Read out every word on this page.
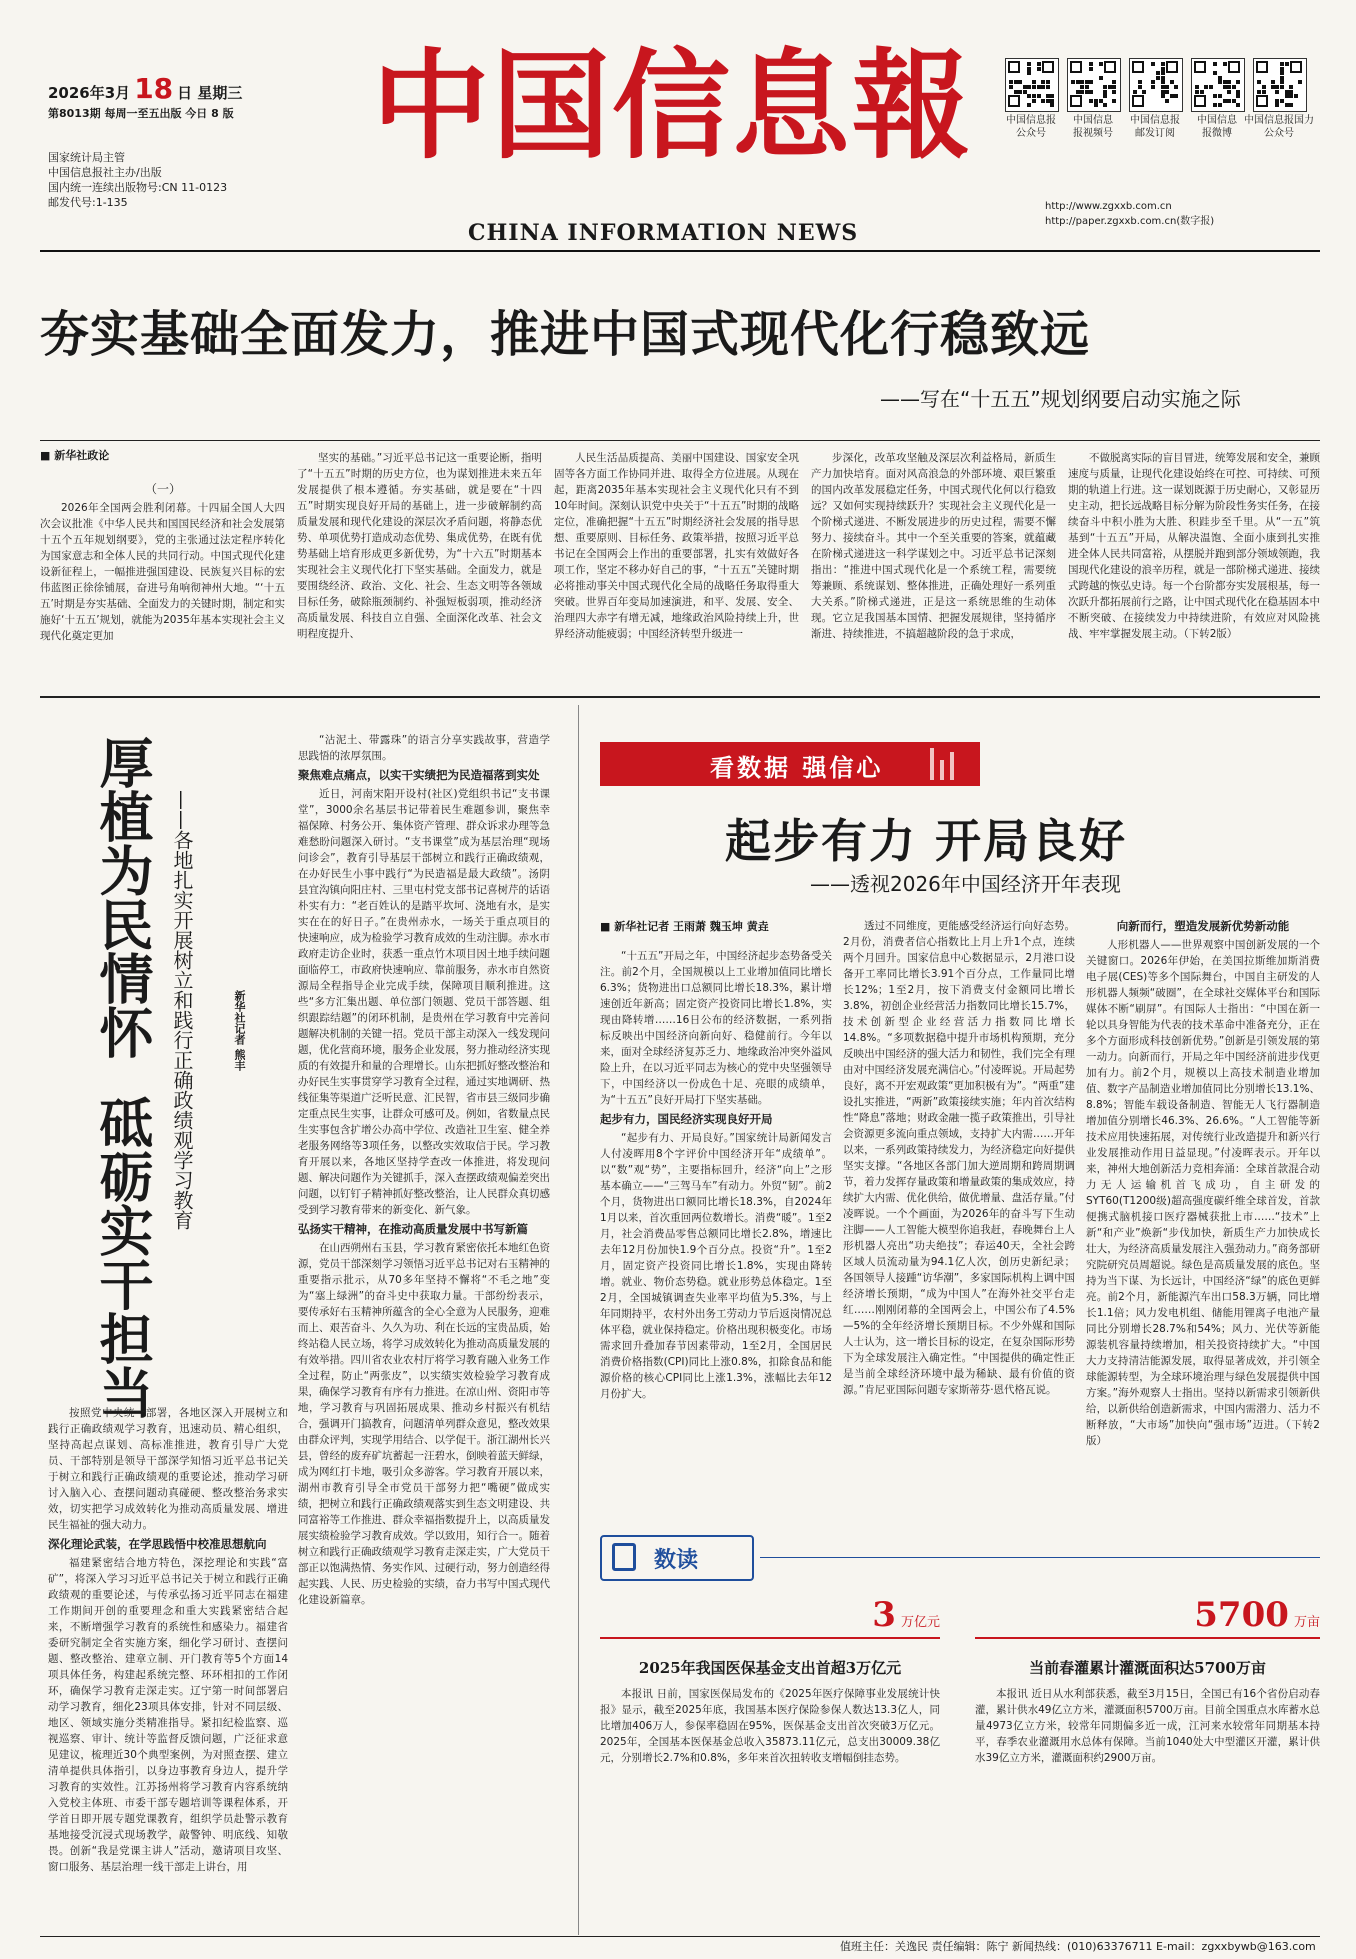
2026年3月 18 日 星期三
第8013期 每周一至五出版 今日 8 版
国家统计局主管
中国信息报社主办/出版
国内统一连续出版物号:CN 11-0123
邮发代号:1-135
中国信息報
CHINA INFORMATION NEWS
中国信息报
公众号
中国信息
报视频号
中国信息报
邮发订阅
中国信息
报微博
中国信息报国力
公众号
http://www.zgxxb.com.cn
http://paper.zgxxb.com.cn(数字报)
夯实基础全面发力，推进中国式现代化行稳致远
——写在“十五五”规划纲要启动实施之际
■ 新华社政论
（一）

2026年全国两会胜利闭幕。十四届全国人大四次会议批准《中华人民共和国国民经济和社会发展第十五个五年规划纲要》，党的主张通过法定程序转化为国家意志和全体人民的共同行动。中国式现代化建设新征程上，一幅推进强国建设、民族复兴目标的宏伟蓝图正徐徐铺展，奋进号角响彻神州大地。“‘十五五’时期是夯实基础、全面发力的关键时期，制定和实施好‘十五五’规划，就能为2035年基本实现社会主义现代化奠定更加

坚实的基础。”习近平总书记这一重要论断，指明了“十五五”时期的历史方位，也为谋划推进未来五年发展提供了根本遵循。夯实基础，就是要在“十四五”时期实现良好开局的基础上，进一步破解制约高质量发展和现代化建设的深层次矛盾问题，将静态优势、单项优势打造成动态优势、集成优势，在既有优势基础上培育形成更多新优势，为“十六五”时期基本实现社会主义现代化打下坚实基础。全面发力，就是要围绕经济、政治、文化、社会、生态文明等各领域目标任务，破除瓶颈制约、补强短板弱项，推动经济高质量发展、科技自立自强、全面深化改革、社会文明程度提升、

人民生活品质提高、美丽中国建设、国家安全巩固等各方面工作协同并进、取得全方位进展。从现在起，距离2035年基本实现社会主义现代化只有不到10年时间。深刻认识党中央关于“十五五”时期的战略定位，准确把握“十五五”时期经济社会发展的指导思想、重要原则、目标任务、政策举措，按照习近平总书记在全国两会上作出的重要部署，扎实有效做好各项工作，坚定不移办好自己的事，“十五五”关键时期必将推动事关中国式现代化全局的战略任务取得重大突破。世界百年变局加速演进，和平、发展、安全、治理四大赤字有增无减，地缘政治风险持续上升，世界经济动能疲弱；中国经济转型升级进一

步深化，改革攻坚触及深层次利益格局，新质生产力加快培育。面对风高浪急的外部环境、艰巨繁重的国内改革发展稳定任务，中国式现代化何以行稳致远？又如何实现持续跃升？实现社会主义现代化是一个阶梯式递进、不断发展进步的历史过程，需要不懈努力、接续奋斗。其中一个至关重要的答案，就蕴藏在阶梯式递进这一科学谋划之中。习近平总书记深刻指出：“推进中国式现代化是一个系统工程，需要统筹兼顾、系统谋划、整体推进，正确处理好一系列重大关系。”阶梯式递进，正是这一系统思维的生动体现。它立足我国基本国情、把握发展规律，坚持循序渐进、持续推进，不搞超越阶段的急于求成，

不做脱离实际的盲目冒进，统筹发展和安全，兼顾速度与质量，让现代化建设始终在可控、可持续、可预期的轨道上行进。这一谋划既源于历史耐心，又彰显历史主动，把长远战略目标分解为阶段性务实任务，在接续奋斗中积小胜为大胜、积跬步至千里。从“一五”筑基到“十五五”开局，从解决温饱、全面小康到扎实推进全体人民共同富裕，从摆脱并跑到部分领域领跑，我国现代化建设的浪辛历程，就是一部阶梯式递进、接续式跨越的恢弘史诗。每一个台阶都夯实发展根基，每一次跃升都拓展前行之路，让中国式现代化在稳基固本中不断突破、在接续发力中持续进阶，有效应对风险挑战、牢牢掌握发展主动。（下转2版）

厚植为民情怀
砥砺实干担当
——各地扎实开展树立和践行正确政绩观学习教育	新华社记者 熊丰

按照党中央统一部署，各地区深入开展树立和践行正确政绩观学习教育，迅速动员、精心组织，坚持高起点谋划、高标准推进，教育引导广大党员、干部特别是领导干部深学知悟习近平总书记关于树立和践行正确政绩观的重要论述，推动学习研讨入脑入心、查摆问题动真碰硬、整改整治务求实效，切实把学习成效转化为推动高质量发展、增进民生福祉的强大动力。

深化理论武装，在学思践悟中校准思想航向

福建紧密结合地方特色，深挖理论和实践“富矿”，将深入学习习近平总书记关于树立和践行正确政绩观的重要论述，与传承弘扬习近平同志在福建工作期间开创的重要理念和重大实践紧密结合起来，不断增强学习教育的系统性和感染力。福建省委研究制定全省实施方案，细化学习研讨、查摆问题、整改整治、建章立制、开门教育等5个方面14项具体任务，构建起系统完整、环环相扣的工作闭环，确保学习教育走深走实。辽宁第一时间部署启动学习教育，细化23项具体安排，针对不同层级、地区、领域实施分类精准指导。紧扣纪检监察、巡视巡察、审计、统计等监督反馈问题，广泛征求意见建议，梳理近30个典型案例，为对照查摆、建立清单提供具体指引，以身边事教育身边人，提升学习教育的实效性。江苏扬州将学习教育内容系统纳入党校主体班、市委干部专题培训等课程体系，开学首日即开展专题党课教育，组织学员赴警示教育基地接受沉浸式现场教学，敲警钟、明底线、知敬畏。创新“我是党课主讲人”活动，邀请项目攻坚、窗口服务、基层治理一线干部走上讲台，用

“沾泥土、带露珠”的语言分享实践故事，营造学思践悟的浓厚氛围。

聚焦难点痛点，以实干实绩把为民造福落到实处

近日，河南宋阳开设村(社区)党组织书记“支书课堂”，3000余名基层书记带着民生难题参训，聚焦幸福保障、村务公开、集体资产管理、群众诉求办理等急难愁盼问题深入研讨。“支书课堂”成为基层治理“现场问诊会”，教育引导基层干部树立和践行正确政绩观，在办好民生小事中践行“为民造福是最大政绩”。汤阴县宜沟镇向阳庄村、三里屯村党支部书记喜树芹的话语朴实有力：“老百姓认的是踏平坎坷、浇地有水，是实实在在的好日子。”在贵州赤水，一场关于重点项目的快速响应，成为检验学习教育成效的生动注脚。赤水市政府走访企业时，获悉一重点竹木项目因土地手续问题面临停工，市政府快速响应、靠前服务，赤水市自然资源局全程指导企业完成手续，保障项目顺利推进。这些“多方汇集出题、单位部门领题、党员干部答题、组织跟踪结题”的闭环机制，是贵州在学习教育中完善问题解决机制的关键一招。党员干部主动深入一线发现问题，优化营商环境，服务企业发展，努力推动经济实现质的有效提升和量的合理增长。山东把抓好整改整治和办好民生实事贯穿学习教育全过程，通过实地调研、热线征集等渠道广泛听民意、汇民智，省市县三级同步确定重点民生实事，让群众可感可及。例如，省数量点民生实事包含扩增公办高中学位、改造社卫生室、健全养老服务网络等3项任务，以整改实效取信于民。学习教育开展以来，各地区坚持学查改一体推进，将发现问题、解决问题作为关键抓手，深入查摆政绩观偏差突出问题，以钉钉子精神抓好整改整治，让人民群众真切感受到学习教育带来的新变化、新气象。

弘扬实干精神，在推动高质量发展中书写新篇

在山西朔州右玉县，学习教育紧密依托本地红色资源，党员干部深刻学习领悟习近平总书记对右玉精神的重要指示批示，从70多年坚持不懈将“不毛之地”变为“塞上绿洲”的奋斗史中获取力量。干部纷纷表示，要传承好右玉精神所蕴含的全心全意为人民服务，迎难而上、艰苦奋斗、久久为功、利在长远的宝贵品质，始终站稳人民立场，将学习成效转化为推动高质量发展的有效举措。四川省农业农村厅将学习教育融入业务工作全过程，防止“两张皮”，以实绩实效检验学习教育成果，确保学习教育有序有力推进。在凉山州、资阳市等地，学习教育与巩固拓展成果、推动乡村振兴有机结合，强调开门搞教育，问题清单列群众意见，整改效果由群众评判，实现学用结合、以学促干。浙江湖州长兴县，曾经的废弃矿坑蓄起一汪碧水，倒映着蓝天鲜绿，成为网红打卡地，吸引众多游客。学习教育开展以来，湖州市教育引导全市党员干部努力把“嘴硬”做成实绩，把树立和践行正确政绩观落实到生态文明建设、共同富裕等工作推进、群众幸福指数提升上，以高质量发展实绩检验学习教育成效。学以致用，知行合一。随着树立和践行正确政绩观学习教育走深走实，广大党员干部正以饱满热情、务实作风、过硬行动，努力创造经得起实践、人民、历史检验的实绩，奋力书写中国式现代化建设新篇章。

看数据 强信心
起步有力 开局良好
——透视2026年中国经济开年表现
■ 新华社记者 王雨萧 魏玉坤 黄垚

“十五五”开局之年，中国经济起步态势备受关注。前2个月，全国规模以上工业增加值同比增长6.3%；货物进出口总额同比增长18.3%，累计增速创近年新高；固定资产投资同比增长1.8%，实现由降转增……16日公布的经济数据，一系列指标反映出中国经济向新向好、稳健前行。今年以来，面对全球经济复苏乏力、地缘政治冲突外溢风险上升，在以习近平同志为核心的党中央坚强领导下，中国经济以一份成色十足、亮眼的成绩单，为“十五五”良好开局打下坚实基础。

起步有力，国民经济实现良好开局

“起步有力、开局良好。”国家统计局新闻发言人付凌晖用8个字评价中国经济开年“成绩单”。以“数”观“势”，主要指标回升，经济“向上”之形基本确立——“三驾马车”有动力。外贸“韧”。前2个月，货物进出口额同比增长18.3%，自2024年1月以来，首次重回两位数增长。消费“暖”。1至2月，社会消费品零售总额同比增长2.8%，增速比去年12月份加快1.9个百分点。投资“升”。1至2月，固定资产投资同比增长1.8%，实现由降转增。就业、物价态势稳。就业形势总体稳定。1至2月，全国城镇调查失业率平均值为5.3%，与上年同期持平，农村外出务工劳动力节后返岗情况总体平稳，就业保持稳定。价格出现积极变化。市场需求回升叠加春节因素带动，1至2月，全国居民消费价格指数(CPI)同比上涨0.8%，扣除食品和能源价格的核心CPI同比上涨1.3%，涨幅比去年12月份扩大。

透过不同维度，更能感受经济运行向好态势。2月份，消费者信心指数比上月上升1个点，连续两个月回升。国家信息中心数据显示，2月港口设备开工率同比增长3.91个百分点，工作量同比增长12%；1至2月，按下消费支付金额同比增长3.8%，初创企业经营活力指数同比增长15.7%，技术创新型企业经营活力指数同比增长14.8%。“多项数据稳中提升市场机构预期，充分反映出中国经济的强大活力和韧性，我们完全有理由对中国经济发展充满信心。”付凌晖说。开局起势良好，离不开宏观政策“更加积极有为”。“两重”建设扎实推进，“两新”政策接续实施；年内首次结构性“降息”落地；财政金融一揽子政策推出，引导社会资源更多流向重点领域，支持扩大内需……开年以来，一系列政策持续发力，为经济稳定向好提供坚实支撑。“各地区各部门加大逆周期和跨周期调节，着力发挥存量政策和增量政策的集成效应，持续扩大内需、优化供给，做优增量、盘活存量。”付凌晖说。一个个画面，为2026年的奋斗写下生动注脚——人工智能大模型你追我赶，春晚舞台上人形机器人亮出“功夫绝技”；春运40天，全社会跨区域人员流动量为94.1亿人次，创历史新纪录；各国领导人接踵“访华潮”，多家国际机构上调中国经济增长预期，“成为中国人”在海外社交平台走红……刚刚闭幕的全国两会上，中国公布了4.5%—5%的全年经济增长预期目标。不少外媒和国际人士认为，这一增长目标的设定，在复杂国际形势下为全球发展注入确定性。“中国提供的确定性正是当前全球经济环境中最为稀缺、最有价值的资源。”肯尼亚国际问题专家斯蒂芬·恩代格瓦说。

向新而行，塑造发展新优势新动能

人形机器人——世界观察中国创新发展的一个关键窗口。2026年伊始，在美国拉斯维加斯消费电子展(CES)等多个国际舞台，中国自主研发的人形机器人频频“破圈”，在全球社交媒体平台和国际媒体不断“刷屏”。有国际人士指出：“中国在新一轮以具身智能为代表的技术革命中准备充分，正在多个方面形成科技创新优势。”创新是引领发展的第一动力。向新而行，开局之年中国经济前进步伐更加有力。前2个月，规模以上高技术制造业增加值、数字产品制造业增加值同比分别增长13.1%、8.8%；智能车载设备制造、智能无人飞行器制造增加值分别增长46.3%、26.6%。“人工智能等新技术应用快速拓展，对传统行业改造提升和新兴行业发展推动作用日益显现。”付凌晖表示。开年以来，神州大地创新活力竞相奔涌：全球首款混合动力无人运输机首飞成功，自主研发的SYT60(T1200级)超高强度碳纤维全球首发，首款便携式脑机接口医疗器械获批上市……“技术”上新“和产业”焕新“步伐加快，新质生产力加快成长壮大，为经济高质量发展注入强劲动力。”商务部研究院研究员周超说。绿色是高质量发展的底色。坚持为当下谋、为长远计，中国经济“绿”的底色更鲜亮。前2个月，新能源汽车出口58.3万辆，同比增长1.1倍；风力发电机组、储能用锂离子电池产量同比分别增长28.7%和54%；风力、光伏等新能源装机容量持续增加，相关投资持续扩大。“中国大力支持清洁能源发展，取得显著成效，并引领全球能源转型，为全球环境治理与绿色发展提供中国方案。”海外观察人士指出。坚持以新需求引领新供给，以新供给创造新需求，中国内需潜力、活力不断释放，“大市场”加快向“强市场”迈进。（下转2版）

数读
3 万亿元
2025年我国医保基金支出首超3万亿元

本报讯 日前，国家医保局发布的《2025年医疗保障事业发展统计快报》显示，截至2025年底，我国基本医疗保险参保人数达13.3亿人，同比增加406万人，参保率稳固在95%，医保基金支出首次突破3万亿元。2025年，全国基本医保基金总收入35873.11亿元，总支出30009.38亿元，分别增长2.7%和0.8%，多年来首次扭转收支增幅倒挂态势。

5700 万亩
当前春灌累计灌溉面积达5700万亩

本报讯 近日从水利部获悉，截至3月15日，全国已有16个省份启动春灌，累计供水49亿立方米，灌溉面积5700万亩。目前全国重点水库蓄水总量4973亿立方米，较常年同期偏多近一成，江河来水较常年同期基本持平，春季农业灌溉用水总体有保障。当前1040处大中型灌区开灌，累计供水39亿立方米，灌溉面积约2900万亩。

值班主任：关逸民 责任编辑：陈宁 新闻热线：(010)63376711 E-mail：zgxxbywb@163.com
